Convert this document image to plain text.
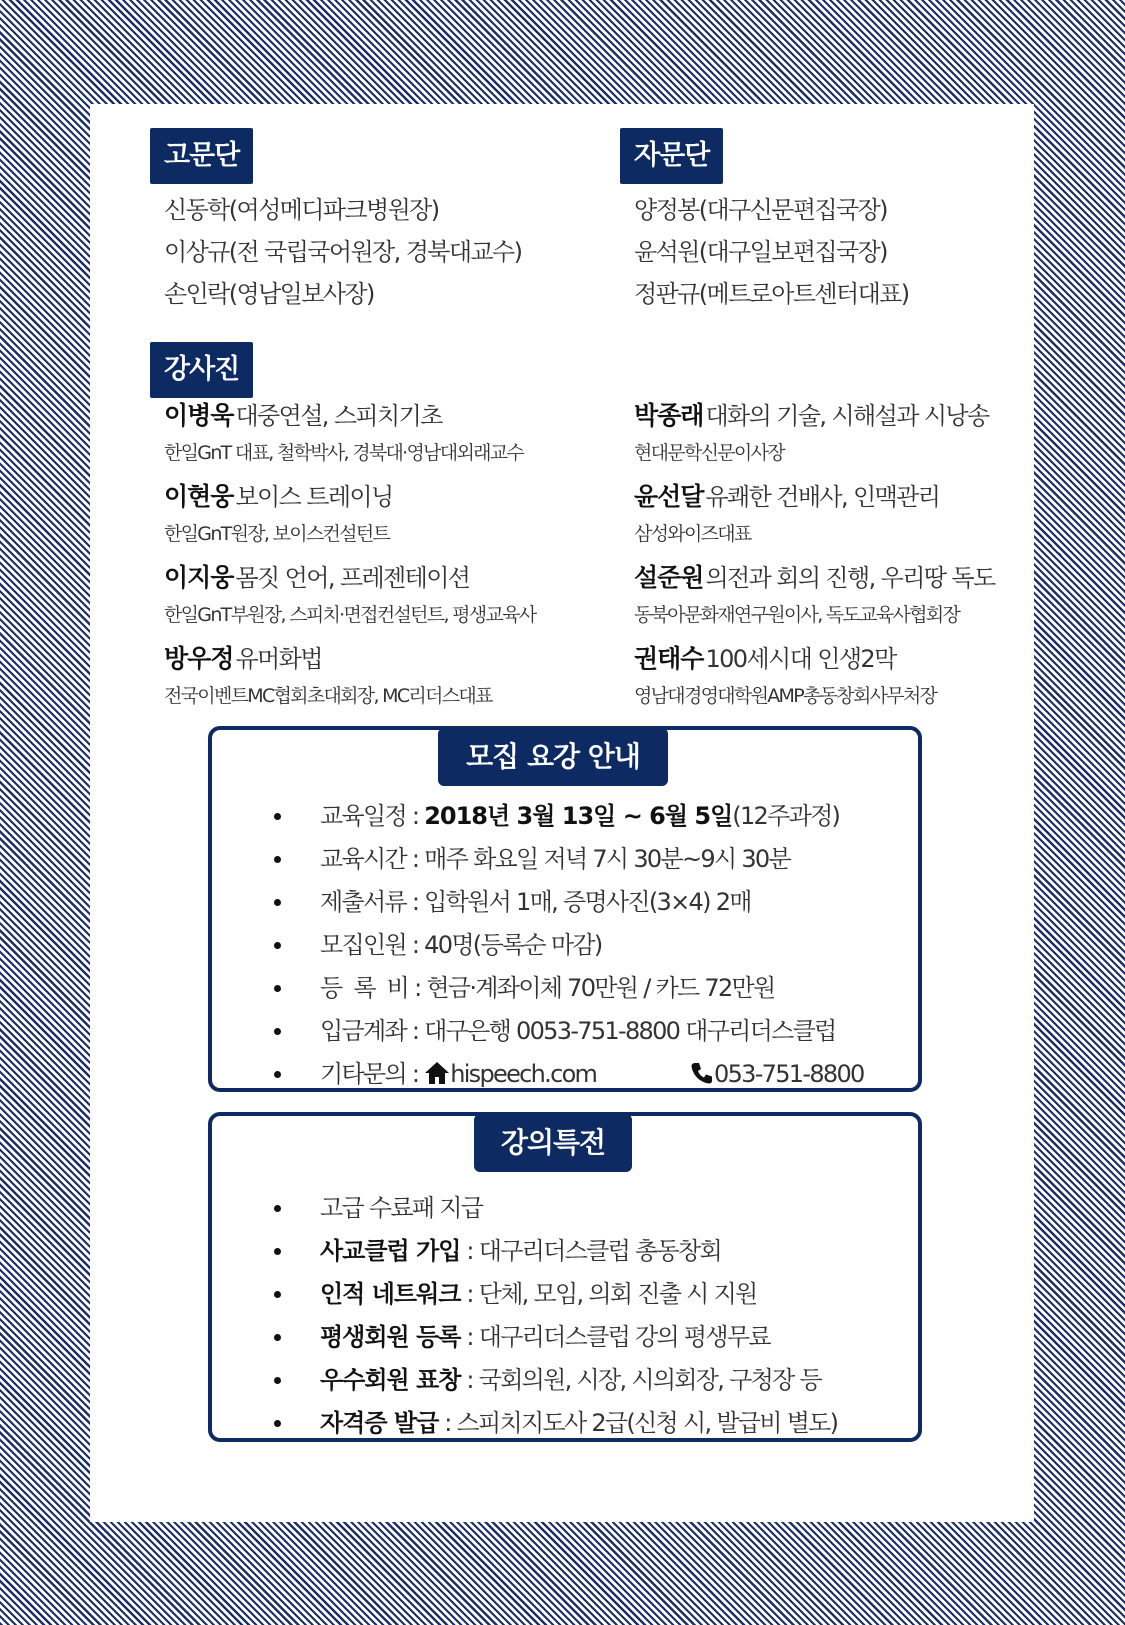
고문단
신동학(여성메디파크병원장)
이상규(전 국립국어원장, 경북대교수)
손인락(영남일보사장)
자문단
양정봉(대구신문편집국장)
윤석원(대구일보편집국장)
정판규(메트로아트센터대표)
강사진
이병욱대중연설, 스피치기초
한일GnT 대표, 철학박사, 경북대·영남대외래교수
이현웅보이스 트레이닝
한일GnT원장, 보이스컨설턴트
이지웅몸짓 언어, 프레젠테이션
한일GnT부원장, 스피치·면접컨설턴트, 평생교육사
방우정유머화법
전국이벤트MC협회초대회장, MC리더스대표
박종래대화의 기술, 시해설과 시낭송
현대문학신문이사장
윤선달유쾌한 건배사, 인맥관리
삼성와이즈대표
설준원의전과 회의 진행, 우리땅 독도
동북아문화재연구원이사, 독도교육사협회장
권태수100세시대 인생2막
영남대경영대학원AMP총동창회사무처장
모집 요강 안내
교육일정 : 2018년 3월 13일 ~ 6월 5일(12주과정)
교육시간 : 매주 화요일 저녁 7시 30분~9시 30분
제출서류 : 입학원서 1매, 증명사진(3×4) 2매
모집인원 : 40명(등록순 마감)
등  록  비 : 현금·계좌이체 70만원 / 카드 72만원
입금계좌 : 대구은행 0053-751-8800 대구리더스클럽
기타문의 : hispeech.com	053-751-8800
강의특전
고급 수료패 지급
사교클럽 가입 : 대구리더스클럽 총동창회
인적 네트워크 : 단체, 모임, 의회 진출 시 지원
평생회원 등록 : 대구리더스클럽 강의 평생무료
우수회원 표창 : 국회의원, 시장, 시의회장, 구청장 등
자격증 발급 : 스피치지도사 2급(신청 시, 발급비 별도)
